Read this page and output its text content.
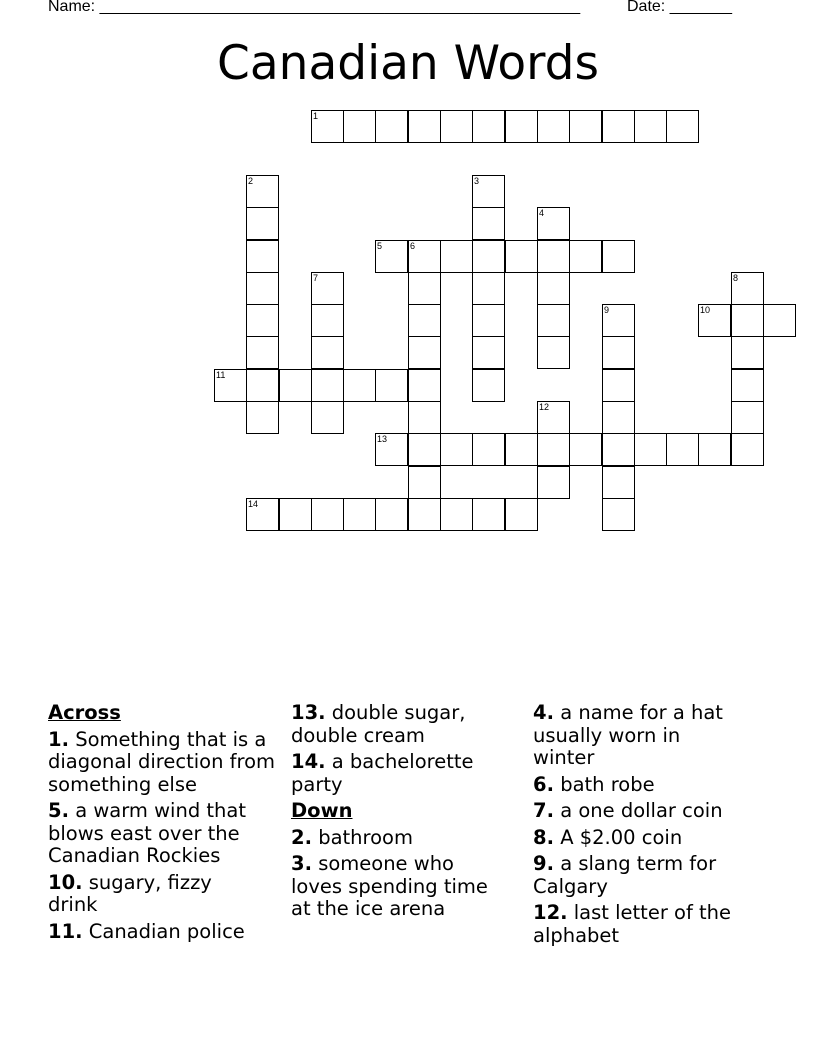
Name: ______________________________________________________	Date: _______
Canadian Words
1
2	3
4
5	6
7	8
9	10
11
12
13
14
Across
1. Something that is a diagonal direction from something else
5. a warm wind that blows east over the Canadian Rockies
10. sugary, fizzy drink
11. Canadian police
13. double sugar, double cream
14. a bachelorette party
Down
2. bathroom
3. someone who loves spending time at the ice arena
4. a name for a hat usually worn in winter
6. bath robe
7. a one dollar coin
8. A $2.00 coin
9. a slang term for Calgary
12. last letter of the alphabet
